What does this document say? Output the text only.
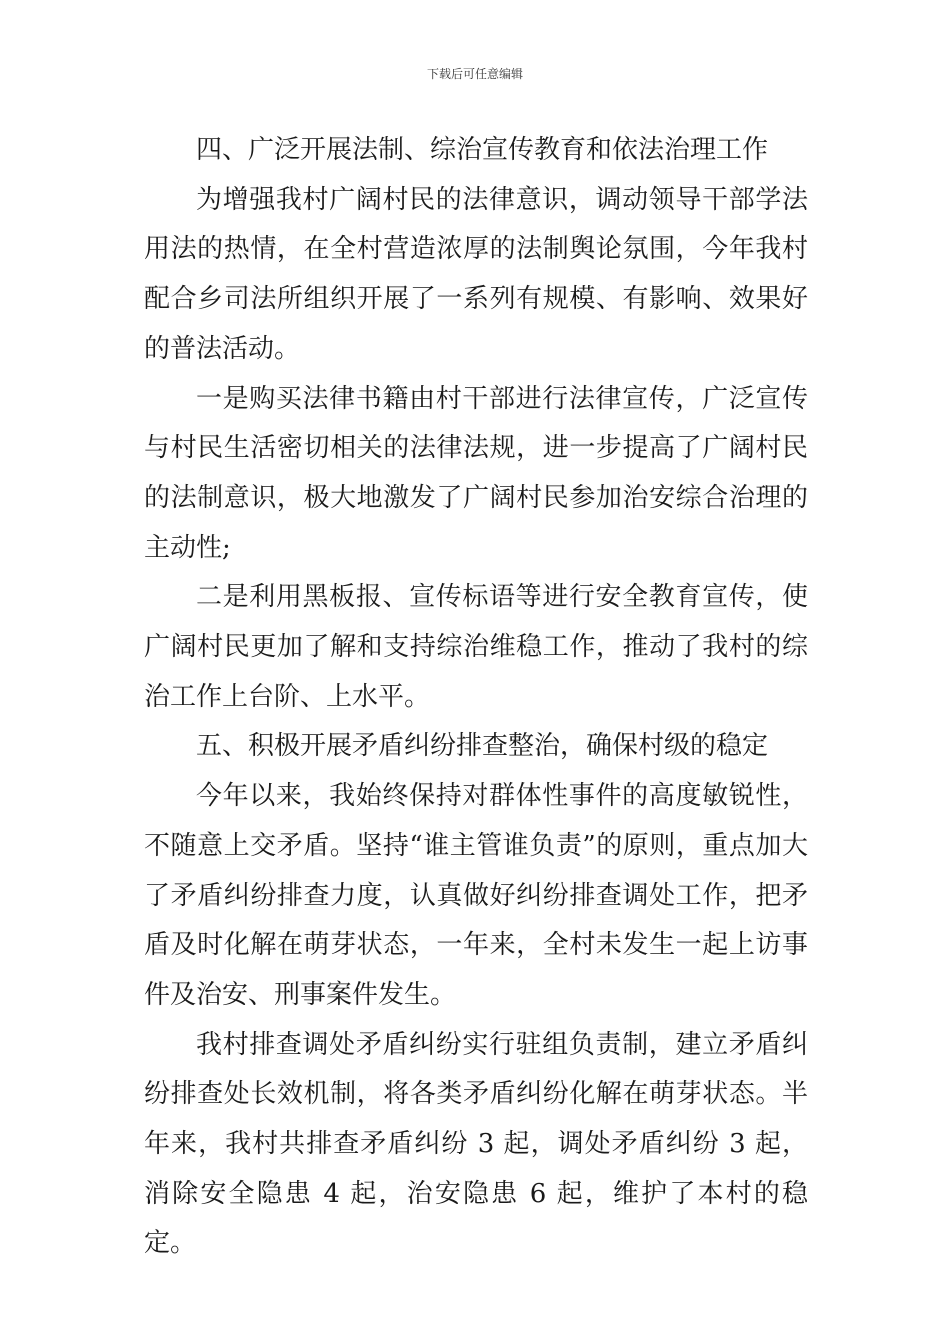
下载后可任意编辑

四、广泛开展法制、综治宣传教育和依法治理工作

为增强我村广阔村民的法律意识，调动领导干部学法用法的热情，在全村营造浓厚的法制舆论氛围，今年我村配合乡司法所组织开展了一系列有规模、有影响、效果好的普法活动。

一是购买法律书籍由村干部进行法律宣传，广泛宣传与村民生活密切相关的法律法规，进一步提高了广阔村民的法制意识，极大地激发了广阔村民参加治安综合治理的主动性;

二是利用黑板报、宣传标语等进行安全教育宣传，使广阔村民更加了解和支持综治维稳工作，推动了我村的综治工作上台阶、上水平。

五、积极开展矛盾纠纷排查整治，确保村级的稳定

今年以来，我始终保持对群体性事件的高度敏锐性，不随意上交矛盾。坚持“谁主管谁负责”的原则，重点加大了矛盾纠纷排查力度，认真做好纠纷排查调处工作，把矛盾及时化解在萌芽状态，一年来，全村未发生一起上访事件及治安、刑事案件发生。

我村排查调处矛盾纠纷实行驻组负责制，建立矛盾纠纷排查处长效机制，将各类矛盾纠纷化解在萌芽状态。半年来，我村共排查矛盾纠纷 3 起，调处矛盾纠纷 3 起，消除安全隐患 4 起，治安隐患 6 起，维护了本村的稳定。
